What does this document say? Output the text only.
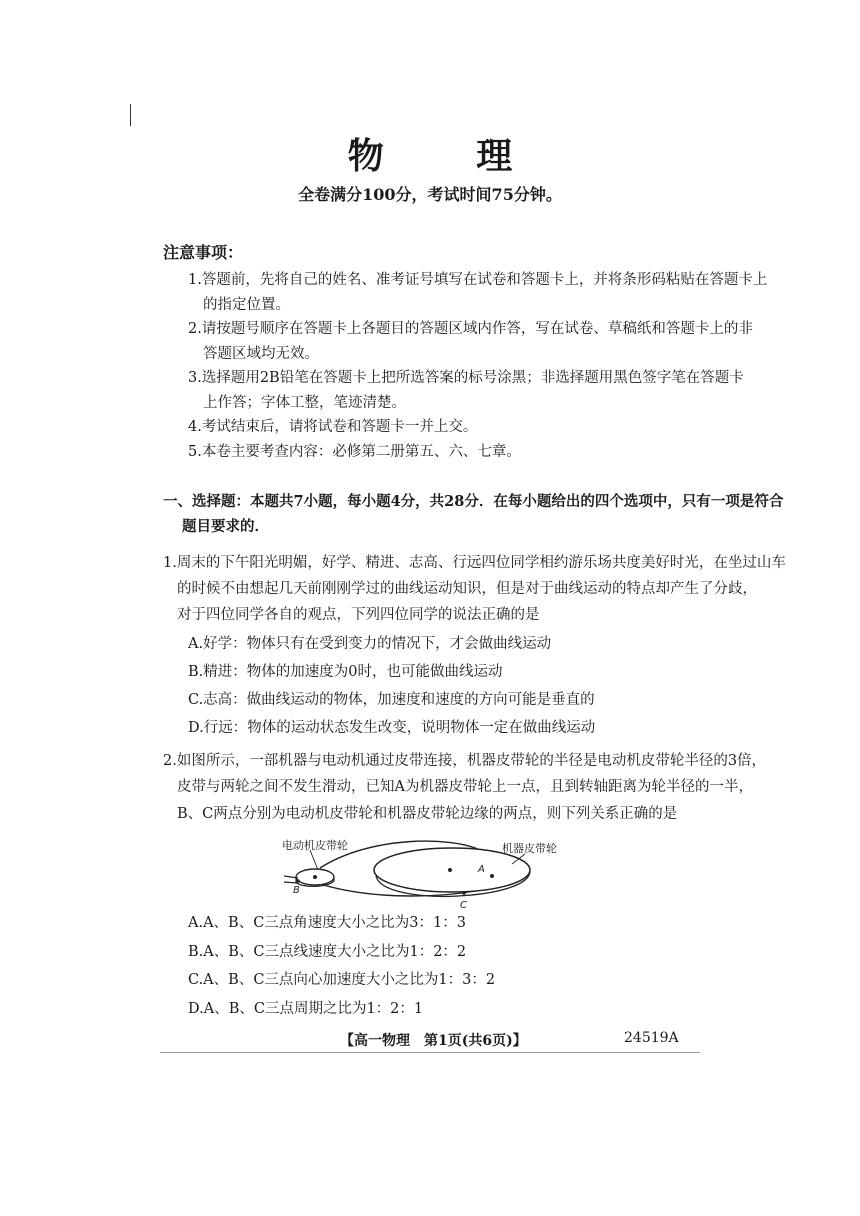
物 理
全卷满分100分，考试时间75分钟。
注意事项：
1.答题前，先将自己的姓名、准考证号填写在试卷和答题卡上，并将条形码粘贴在答题卡上
的指定位置。
2.请按题号顺序在答题卡上各题目的答题区域内作答，写在试卷、草稿纸和答题卡上的非
答题区域均无效。
3.选择题用2B铅笔在答题卡上把所选答案的标号涂黑；非选择题用黑色签字笔在答题卡
上作答；字体工整，笔迹清楚。
4.考试结束后，请将试卷和答题卡一并上交。
5.本卷主要考查内容：必修第二册第五、六、七章。
一、选择题：本题共7小题，每小题4分，共28分．在每小题给出的四个选项中，只有一项是符合
题目要求的．
1.周末的下午阳光明媚，好学、精进、志高、行远四位同学相约游乐场共度美好时光，在坐过山车
的时候不由想起几天前刚刚学过的曲线运动知识，但是对于曲线运动的特点却产生了分歧，
对于四位同学各自的观点，下列四位同学的说法正确的是
A.好学：物体只有在受到变力的情况下，才会做曲线运动
B.精进：物体的加速度为0时，也可能做曲线运动
C.志高：做曲线运动的物体，加速度和速度的方向可能是垂直的
D.行远：物体的运动状态发生改变，说明物体一定在做曲线运动
2.如图所示，一部机器与电动机通过皮带连接，机器皮带轮的半径是电动机皮带轮半径的3倍，
皮带与两轮之间不发生滑动，已知A为机器皮带轮上一点，且到转轴距离为轮半径的一半，
B、C两点分别为电动机皮带轮和机器皮带轮边缘的两点，则下列关系正确的是
电动机皮带轮	机器皮带轮
A
B
C
A.A、B、C三点角速度大小之比为3：1：3
B.A、B、C三点线速度大小之比为1：2：2
C.A、B、C三点向心加速度大小之比为1：3：2
D.A、B、C三点周期之比为1：2：1
【高一物理　第1页(共6页)】	24519A
